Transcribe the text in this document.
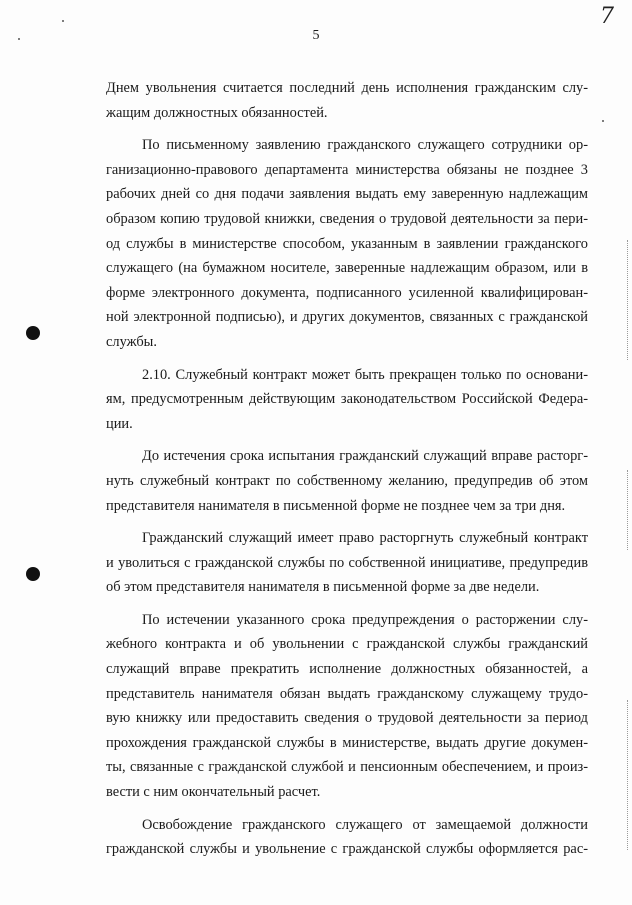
7
5
Днем увольнения считается последний день исполнения гражданским слу-
жащим должностных обязанностей.
По письменному заявлению гражданского служащего сотрудники ор-
ганизационно-правового департамента министерства обязаны не позднее 3
рабочих дней со дня подачи заявления выдать ему заверенную надлежащим
образом копию трудовой книжки, сведения о трудовой деятельности за пери-
од службы в министерстве способом, указанным в заявлении гражданского
служащего (на бумажном носителе, заверенные надлежащим образом, или в
форме электронного документа, подписанного усиленной квалифицирован-
ной электронной подписью), и других документов, связанных с гражданской
службы.
2.10. Служебный контракт может быть прекращен только по основани-
ям, предусмотренным действующим законодательством Российской Федера-
ции.
До истечения срока испытания гражданский служащий вправе расторг-
нуть служебный контракт по собственному желанию, предупредив об этом
представителя нанимателя в письменной форме не позднее чем за три дня.
Гражданский служащий имеет право расторгнуть служебный контракт
и уволиться с гражданской службы по собственной инициативе, предупредив
об этом представителя нанимателя в письменной форме за две недели.
По истечении указанного срока предупреждения о расторжении слу-
жебного контракта и об увольнении с гражданской службы гражданский
служащий вправе прекратить исполнение должностных обязанностей, а
представитель нанимателя обязан выдать гражданскому служащему трудо-
вую книжку или предоставить сведения о трудовой деятельности за период
прохождения гражданской службы в министерстве, выдать другие докумен-
ты, связанные с гражданской службой и пенсионным обеспечением, и произ-
вести с ним окончательный расчет.
Освобождение гражданского служащего от замещаемой должности
гражданской службы и увольнение с гражданской службы оформляется рас-
